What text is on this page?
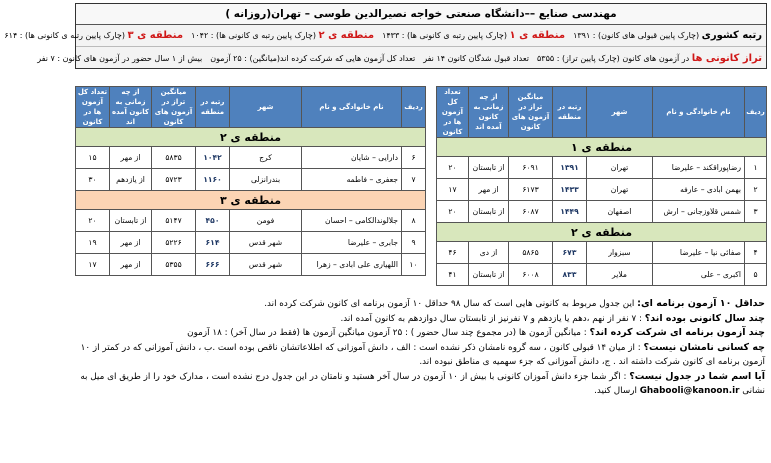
مهندسی صنایع ––دانشگاه صنعتی خواجه نصیرالدین طوسی – تهران(روزانه )
رتبه کشوری (چارک پایین قبولی های کانون) : ۱۳۹۱
منطقه ی ۱ (چارک پایین رتبه ی کانونی ها) : ۱۴۳۳
منطقه ی ۲ (چارک پایین رتبه ی کانونی ها) : ۱۰۴۲
منطقه ی ۳ (چارک پایین رتبه ی کانونی ها) : ۶۱۴
تراز کانونی ها در آزمون های کانون (چارک پایین تراز) : ۵۳۵۵
تعداد قبول شدگان کانون ۱۴ نفر
تعداد کل آزمون هایی که شرکت کرده اند(میانگین) : ۲۵ آزمون
بیش از ۱ سال حضور در آزمون های کانون : ۷ نفر
ردیف	نام خانوادگی و نام	شهر	رتبه در منطقه	میانگین تراز در آزمون های کانون	از چه زمانی به کانون آمده اند	تعداد کل آزمون ها در کانون
منطقه ی ۱						
۱	رضاپوراقکند – علیرضا	تهران	۱۳۹۱	۶۰۹۱	از تابستان	۲۰
۲	بهمن ابادی – عارفه	تهران	۱۴۳۳	۶۱۷۳	از مهر	۱۷
۳	شمس قلاوزجانی – ارش	اصفهان	۱۴۴۹	۶۰۸۷	از تابستان	۲۰
منطقه ی ۲						
۴	صفائی نیا – علیرضا	سبزوار	۶۷۳	۵۸۶۵	از دی	۴۶
۵	اکبری – علی	ملایر	۸۳۳	۶۰۰۸	از تابستان	۴۱
ردیف	نام خانوادگی و نام	شهر	رتبه در منطقه	میانگین تراز در آزمون های کانون	از چه زمانی به کانون آمده اند	تعداد کل آزمون ها در کانون
منطقه ی ۲						
۶	دارایی – شایان	کرج	۱۰۴۲	۵۸۳۵	از مهر	۱۵
۷	جعفری – فاطمه	بندرانزلی	۱۱۶۰	۵۷۲۳	از یازدهم	۳۰
منطقه ی ۳						
۸	جلالوندالکامی – احسان	فومن	۴۵۰	۵۱۴۷	از تابستان	۲۰
۹	جابری – علیرضا	شهر قدس	۶۱۴	۵۲۲۶	از مهر	۱۹
۱۰	اللهیاری علی ابادی – زهرا	شهر قدس	۶۶۶	۵۳۵۵	از مهر	۱۷

حداقل ۱۰ آزمون برنامه ای: این جدول مربوط به کانونی هایی است که سال ۹۸ حداقل ۱۰ آزمون برنامه ای کانون شرکت کرده اند.

چند سال کانونی بوده اند؟ : ۷ نفر از نهم ،دهم یا یازدهم و ۷ نفرنیز از تابستان سال دوازدهم به کانون آمده اند.

چند آزمون برنامه ای شرکت کرده اند؟ : میانگین آزمون ها (در مجموع چند سال حضور ) : ۲۵ آزمون میانگین آزمون ها (فقط در سال آخر) : ۱۸ آزمون

چه کسانی نامشان نیست؟ : از میان ۱۴ قبولی کانون ، سه گروه نامشان ذکر نشده است : الف ، دانش آموزانی که اطلاعاتشان ناقص بوده است .ب ، دانش آموزانی که در کمتر از ۱۰ آزمون برنامه ای کانون شرکت داشته اند . ج، دانش آموزانی که جزء سهمیه ی مناطق نبوده اند.

آیا اسم شما در جدول نیست؟ : اگر شما جزء دانش آموزان کانونی با بیش از ۱۰ آزمون در سال آخر هستید و نامتان در این جدول درج نشده است ، مدارک خود را از طریق ای میل به نشانی Ghabooli@kanoon.ir ارسال کنید.
